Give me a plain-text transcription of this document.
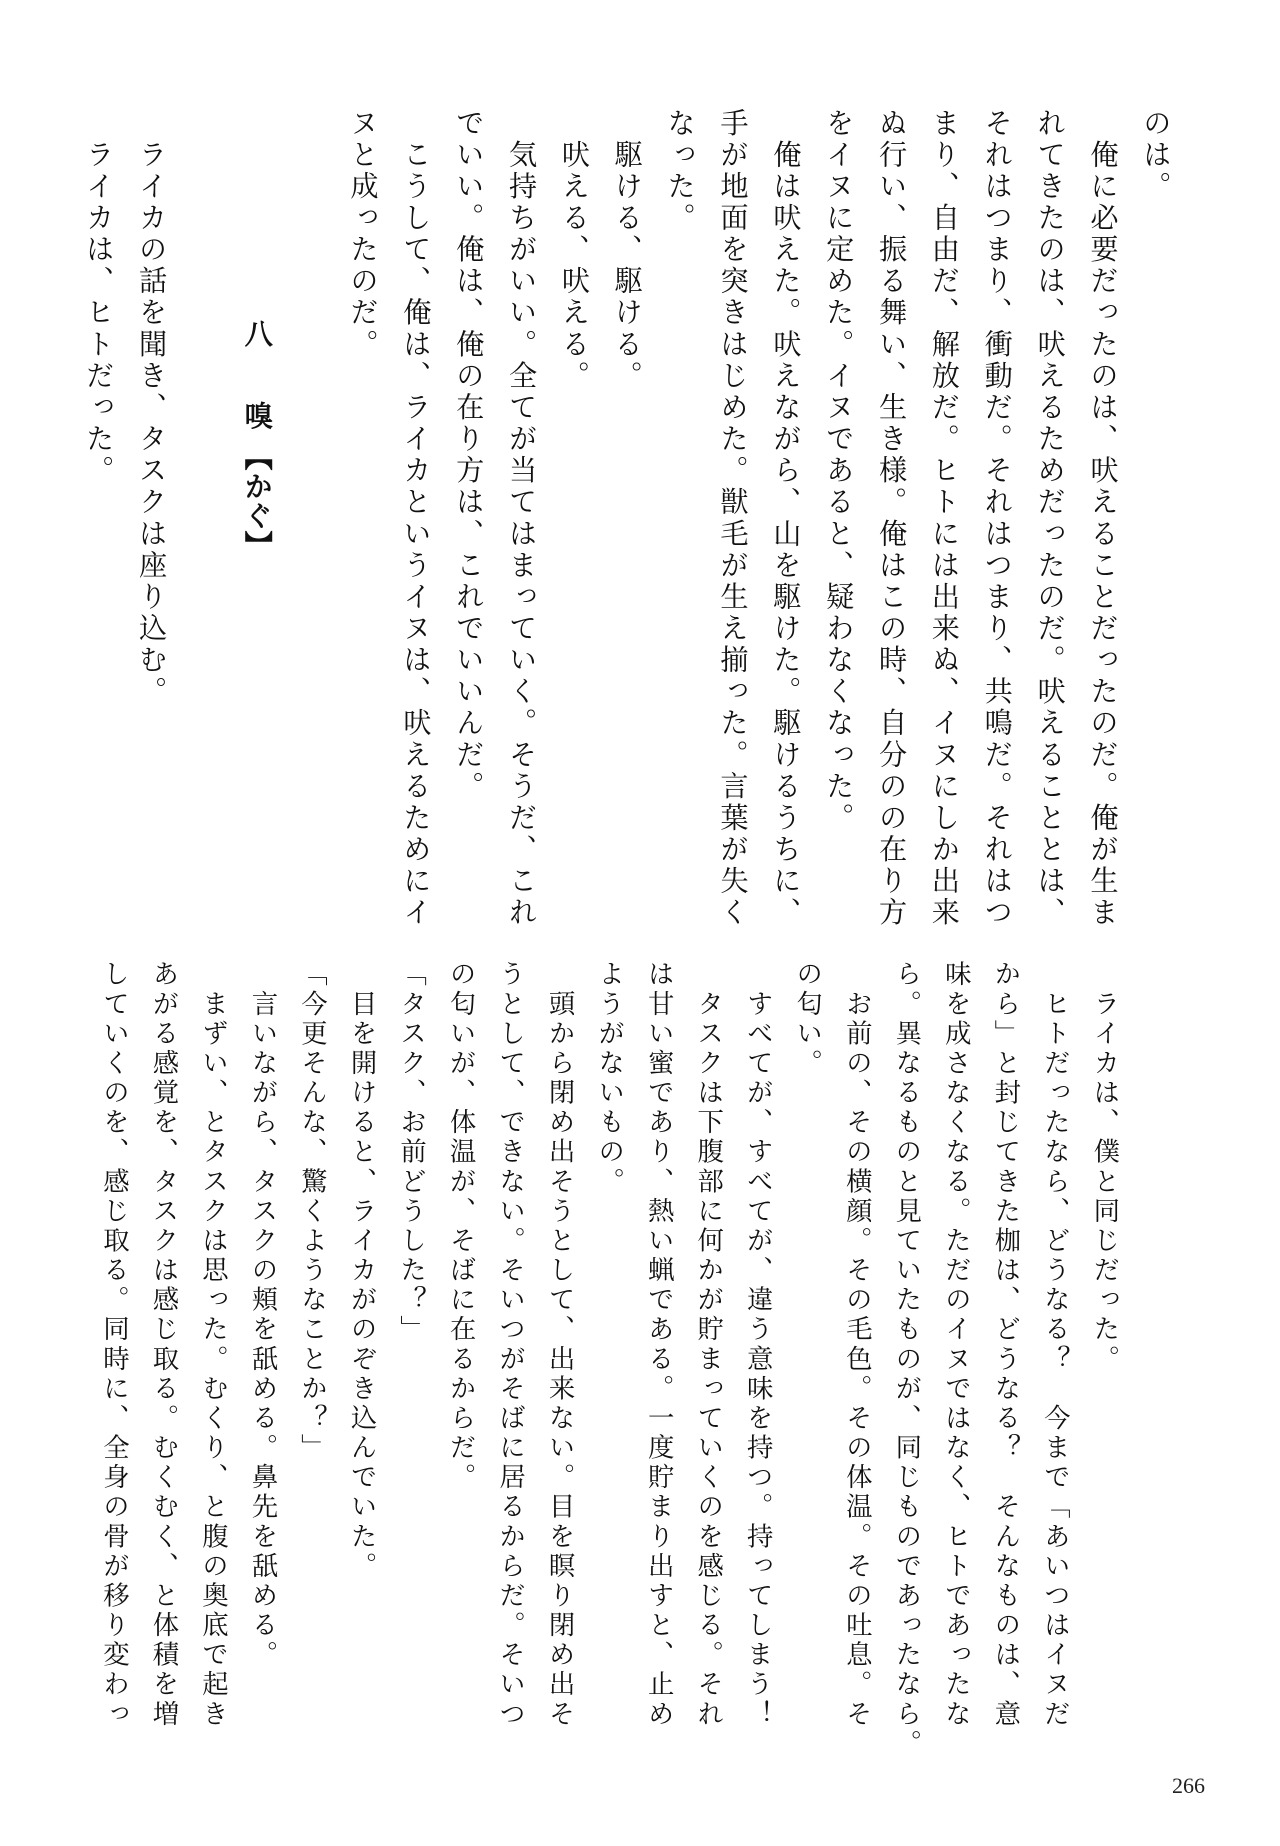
のは。
　俺に必要だったのは、吠えることだったのだ。俺が生ま
れてきたのは、吠えるためだったのだ。吠えることとは、
それはつまり、衝動だ。それはつまり、共鳴だ。それはつ
まり、自由だ、解放だ。ヒトには出来ぬ、イヌにしか出来
ぬ行い、振る舞い、生き様。俺はこの時、自分のの在り方
をイヌに定めた。イヌであると、疑わなくなった。
　俺は吠えた。吠えながら、山を駆けた。駆けるうちに、
手が地面を突きはじめた。獣毛が生え揃った。言葉が失く
なった。
　駆ける、駆ける。
　吠える、吠える。
　気持ちがいい。全てが当てはまっていく。そうだ、これ
でいい。俺は、俺の在り方は、これでいいんだ。
　こうして、俺は、ライカというイヌは、吠えるためにイ
ヌと成ったのだ。

八　嗅【かぐ】

　ライカの話を聞き、タスクは座り込む。
　ライカは、ヒトだった。
　ライカは、僕と同じだった。
　ヒトだったなら、どうなる？　今まで「あいつはイヌだ
から」と封じてきた枷は、どうなる？　そんなものは、意
味を成さなくなる。ただのイヌではなく、ヒトであったな
ら。異なるものと見ていたものが、同じものであったなら。
　お前の、その横顔。その毛色。その体温。その吐息。そ
の匂い。
　すべてが、すべてが、違う意味を持つ。持ってしまう！
　タスクは下腹部に何かが貯まっていくのを感じる。それ
は甘い蜜であり、熱い蝋である。一度貯まり出すと、止め
ようがないもの。
　頭から閉め出そうとして、出来ない。目を瞑り閉め出そ
うとして、できない。そいつがそばに居るからだ。そいつ
の匂いが、体温が、そばに在るからだ。
「タスク、お前どうした？」
　目を開けると、ライカがのぞき込んでいた。
「今更そんな、驚くようなことか？」
　言いながら、タスクの頬を舐める。鼻先を舐める。
　まずい、とタスクは思った。むくり、と腹の奥底で起き
あがる感覚を、タスクは感じ取る。むくむく、と体積を増
していくのを、感じ取る。同時に、全身の骨が移り変わっ
266
